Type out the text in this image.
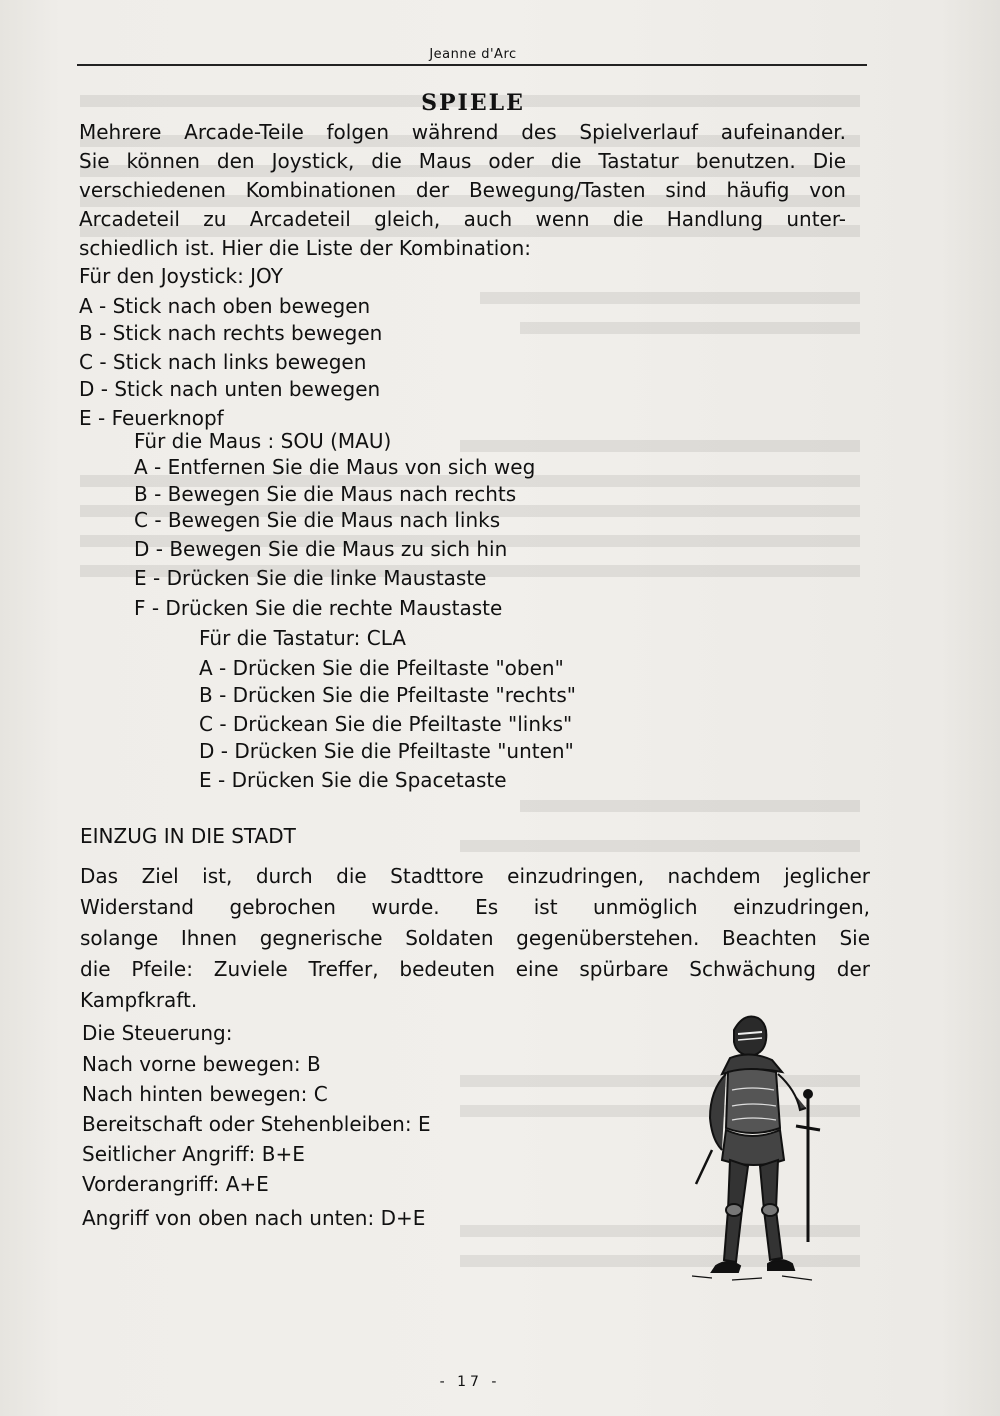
Jeanne d'Arc
SPIELE
Mehrere Arcade-Teile folgen während des Spielverlauf aufeinander.
Sie können den Joystick, die Maus oder die Tastatur benutzen. Die
verschiedenen Kombinationen der Bewegung/Tasten sind häufig von
Arcadeteil zu Arcadeteil gleich, auch wenn die Handlung unter-
schiedlich ist. Hier die Liste der Kombination:
Für den Joystick: JOY
A - Stick nach oben bewegen
B - Stick nach rechts bewegen
C - Stick nach links bewegen
D - Stick nach unten bewegen
E - Feuerknopf
Für die Maus : SOU (MAU)
A - Entfernen Sie die Maus von sich weg
B - Bewegen Sie die Maus nach rechts
C - Bewegen Sie die Maus nach links
D - Bewegen Sie die Maus zu sich hin
E - Drücken Sie die linke Maustaste
F - Drücken Sie die rechte Maustaste
Für die Tastatur: CLA
A - Drücken Sie die Pfeiltaste "oben"
B - Drücken Sie die Pfeiltaste "rechts"
C - Drückean Sie die Pfeiltaste "links"
D - Drücken Sie die Pfeiltaste "unten"
E - Drücken Sie die Spacetaste
EINZUG IN DIE STADT
Das Ziel ist, durch die Stadttore einzudringen, nachdem jeglicher
Widerstand gebrochen wurde. Es ist unmöglich einzudringen,
solange Ihnen gegnerische Soldaten gegenüberstehen. Beachten Sie
die Pfeile: Zuviele Treffer, bedeuten eine spürbare Schwächung der
Kampfkraft.
Die Steuerung:
Nach vorne bewegen: B
Nach hinten bewegen: C
Bereitschaft oder Stehenbleiben: E
Seitlicher Angriff: B+E
Vorderangriff: A+E
Angriff von oben nach unten: D+E
- 17 -
